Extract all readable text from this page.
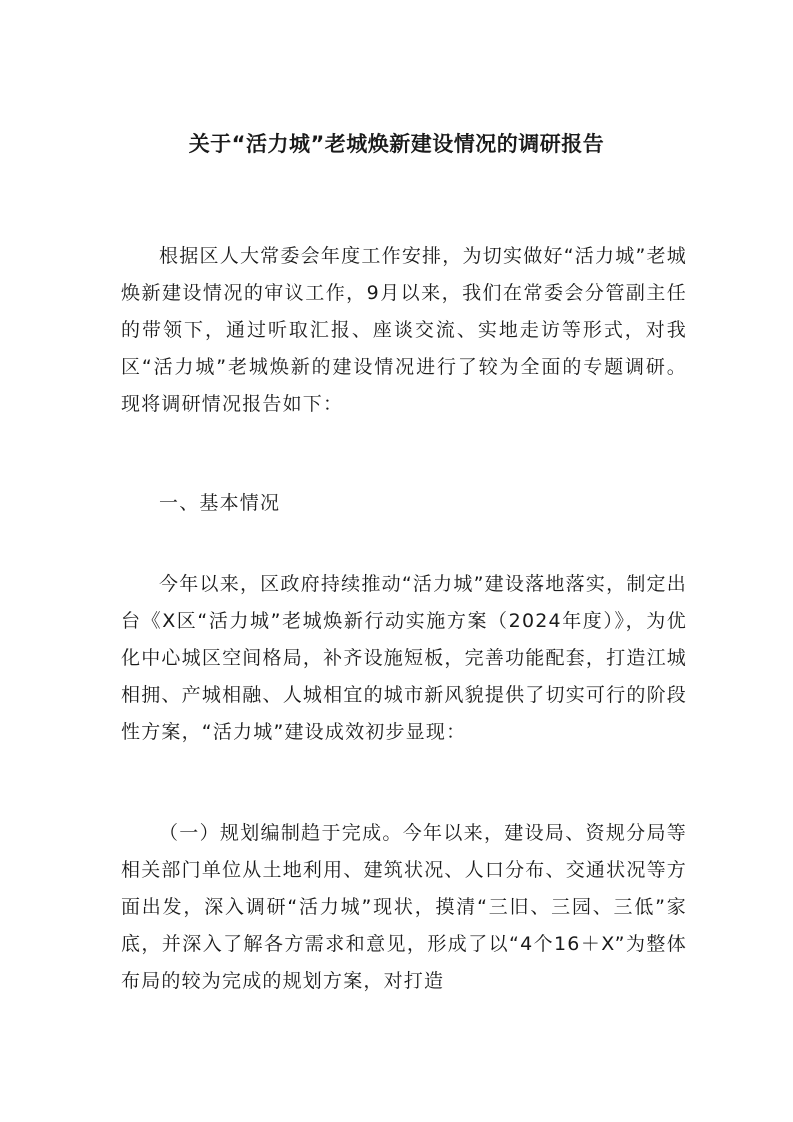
关于“活力城”老城焕新建设情况的调研报告

根据区人大常委会年度工作安排，为切实做好“活力城”老城焕新建设情况的审议工作，9月以来，我们在常委会分管副主任的带领下，通过听取汇报、座谈交流、实地走访等形式，对我区“活力城”老城焕新的建设情况进行了较为全面的专题调研。现将调研情况报告如下：

一、基本情况

今年以来，区政府持续推动“活力城”建设落地落实，制定出台《X区“活力城”老城焕新行动实施方案（2024年度）》，为优化中心城区空间格局，补齐设施短板，完善功能配套，打造江城相拥、产城相融、人城相宜的城市新风貌提供了切实可行的阶段性方案，“活力城”建设成效初步显现：

（一）规划编制趋于完成。今年以来，建设局、资规分局等相关部门单位从土地利用、建筑状况、人口分布、交通状况等方面出发，深入调研“活力城”现状，摸清“三旧、三园、三低”家底，并深入了解各方需求和意见，形成了以“4个16＋X”为整体布局的较为完成的规划方案，对打造
